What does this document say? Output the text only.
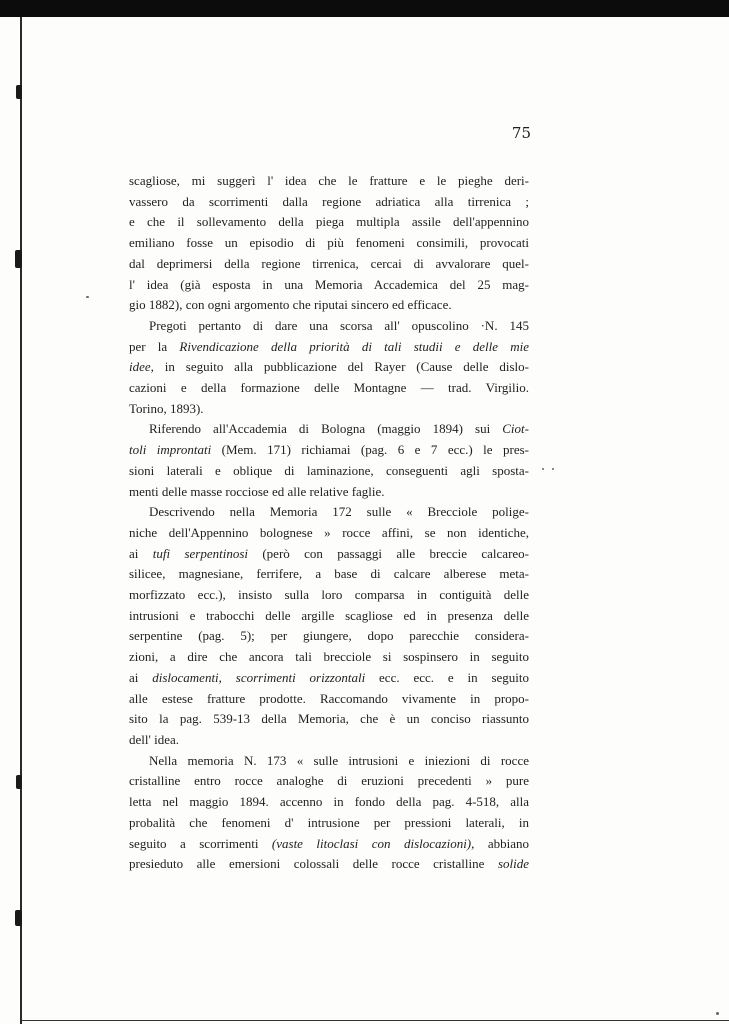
75
scagliose, mi suggerì l' idea che le fratture e le pieghe deri-
vassero da scorrimenti dalla regione adriatica alla tirrenica ;
e che il sollevamento della piega multipla assile dell'appennino
emiliano fosse un episodio di più fenomeni consimili, provocati
dal deprimersi della regione tirrenica, cercai di avvalorare quel-
l' idea (già esposta in una Memoria Accademica del 25 mag-
gio 1882), con ogni argomento che riputai sincero ed efficace.
Pregoti pertanto di dare una scorsa all' opuscolino ·N. 145
per la Rivendicazione della priorità di tali studii e delle mie
idee, in seguito alla pubblicazione del Rayer (Cause delle dislo-
cazioni e della formazione delle Montagne — trad. Virgilio.
Torino, 1893).
Riferendo all'Accademia di Bologna (maggio 1894) sui Ciot-
toli improntati (Mem. 171) richiamai (pag. 6 e 7 ecc.) le pres-
sioni laterali e oblique di laminazione, conseguenti agli sposta-
menti delle masse rocciose ed alle relative faglie.
Descrivendo nella Memoria 172 sulle « Brecciole polige-
niche dell'Appennino bolognese » rocce affini, se non identiche,
ai tufi serpentinosi (però con passaggi alle breccie calcareo-
silicee, magnesiane, ferrifere, a base di calcare alberese meta-
morfizzato ecc.), insisto sulla loro comparsa in contiguità delle
intrusioni e trabocchi delle argille scagliose ed in presenza delle
serpentine (pag. 5); per giungere, dopo parecchie considera-
zioni, a dire che ancora tali brecciole si sospinsero in seguito
ai dislocamenti, scorrimenti orizzontali ecc. ecc. e in seguito
alle estese fratture prodotte. Raccomando vivamente in propo-
sito la pag. 539-13 della Memoria, che è un conciso riassunto
dell' idea.
Nella memoria N. 173 « sulle intrusioni e iniezioni di rocce
cristalline entro rocce analoghe di eruzioni precedenti » pure
letta nel maggio 1894. accenno in fondo della pag. 4-518, alla
probalità che fenomeni d' intrusione per pressioni laterali, in
seguito a scorrimenti (vaste litoclasi con dislocazioni), abbiano
presieduto alle emersioni colossali delle rocce cristalline solide
